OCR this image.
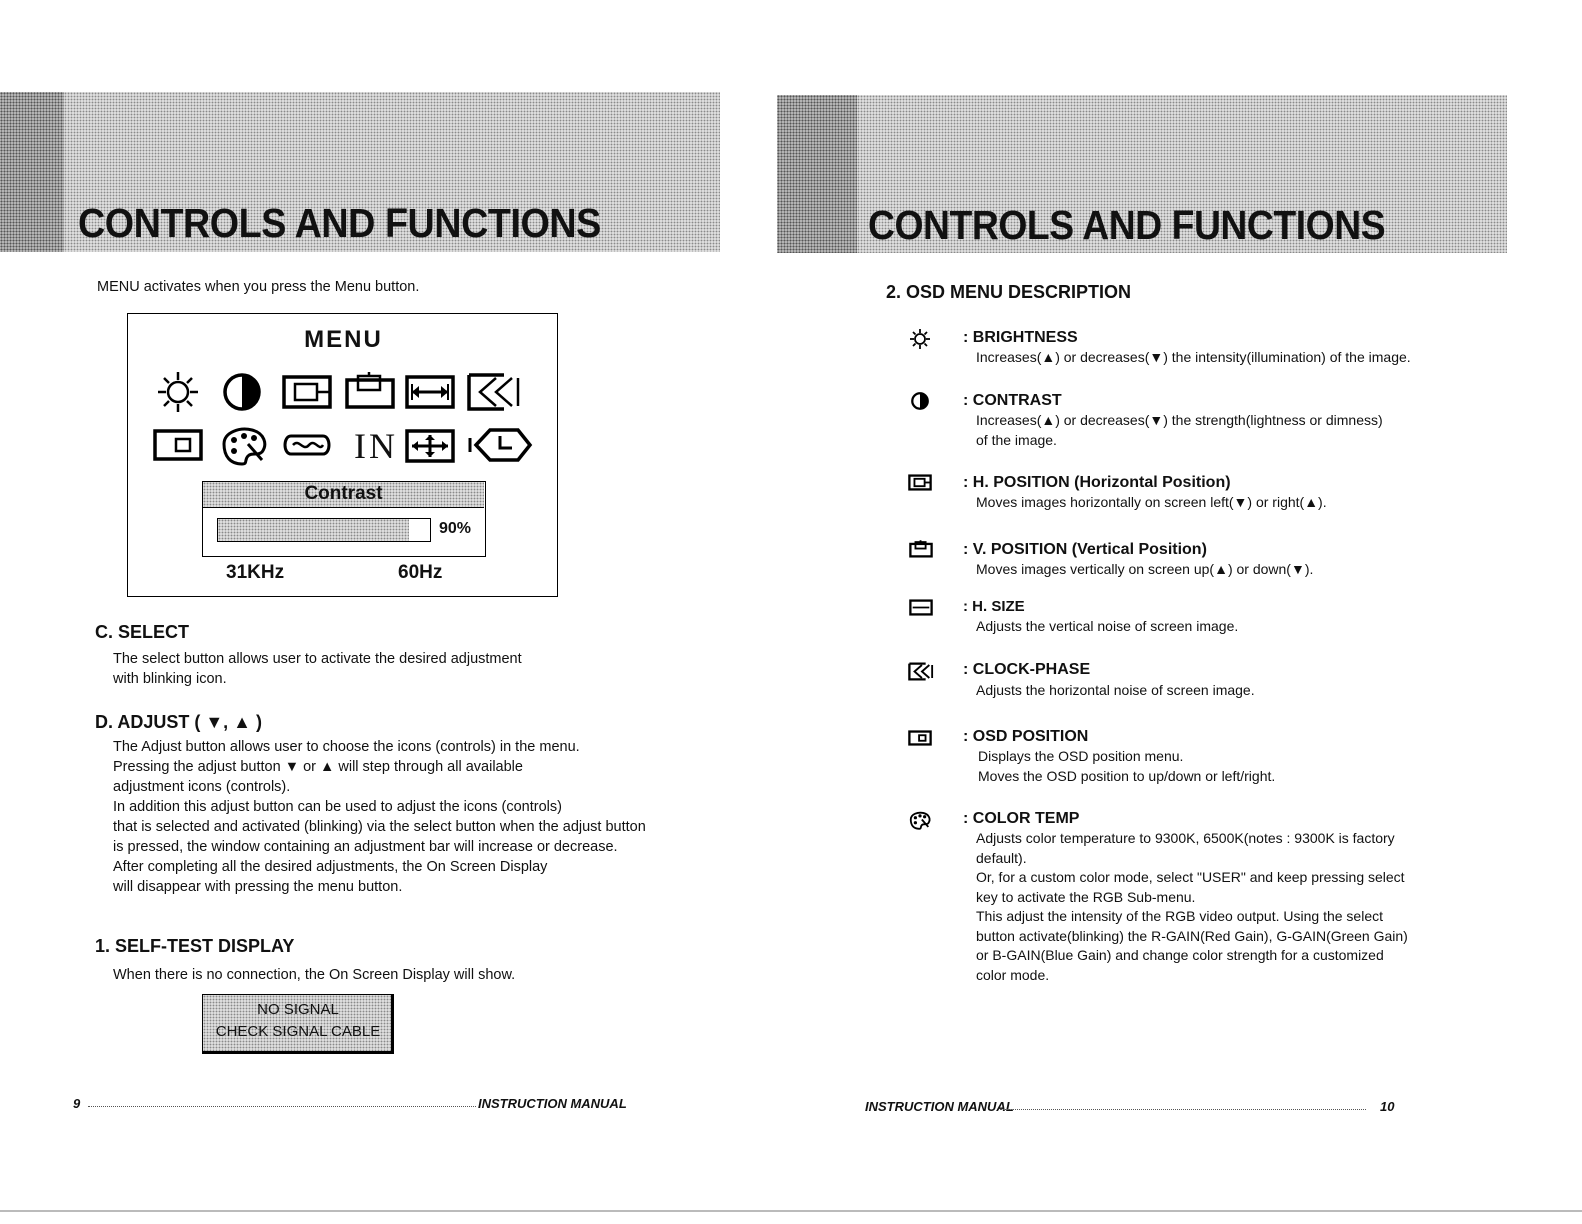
CONTROLS AND FUNCTIONS
MENU activates when you press the Menu button.
MENU
IN
Contrast
90%
31KHz	60Hz
C. SELECT
The select button allows user to activate the desired adjustment
with blinking icon.
D. ADJUST ( ▼, ▲ )
The Adjust button allows user to choose the icons (controls) in the menu.
Pressing the adjust button ▼ or ▲ will step through all available
adjustment icons (controls).
In addition this adjust button can be used to adjust the icons (controls)
that is selected and activated (blinking) via the select button when the adjust button
is pressed, the window containing an adjustment bar will increase or decrease.
After completing all the desired adjustments, the On Screen Display
will disappear with pressing the menu button.
1. SELF-TEST DISPLAY
When there is no connection, the On Screen Display will show.
NO SIGNAL
CHECK SIGNAL CABLE
9	INSTRUCTION MANUAL
CONTROLS AND FUNCTIONS
2. OSD MENU DESCRIPTION
: BRIGHTNESS
Increases(▲) or decreases(▼) the intensity(illumination) of the image.
: CONTRAST
Increases(▲) or decreases(▼) the strength(lightness or dimness)
of the image.
: H. POSITION (Horizontal Position)
Moves images horizontally on screen left(▼) or right(▲).
: V. POSITION (Vertical Position)
Moves images vertically on screen up(▲) or down(▼).
: H. SIZE
Adjusts the vertical noise of screen image.
: CLOCK-PHASE
Adjusts the horizontal noise of screen image.
: OSD POSITION
Displays the OSD position menu.
Moves the OSD position to up/down or left/right.
: COLOR TEMP
Adjusts color temperature to 9300K, 6500K(notes : 9300K is factory
default).
Or, for a custom color mode, select "USER" and keep pressing select
key to activate the RGB Sub-menu.
This adjust the intensity of the RGB video output. Using the select
button activate(blinking) the R-GAIN(Red Gain), G-GAIN(Green Gain)
or B-GAIN(Blue Gain) and change color strength for a customized
color mode.
INSTRUCTION MANUAL	10
